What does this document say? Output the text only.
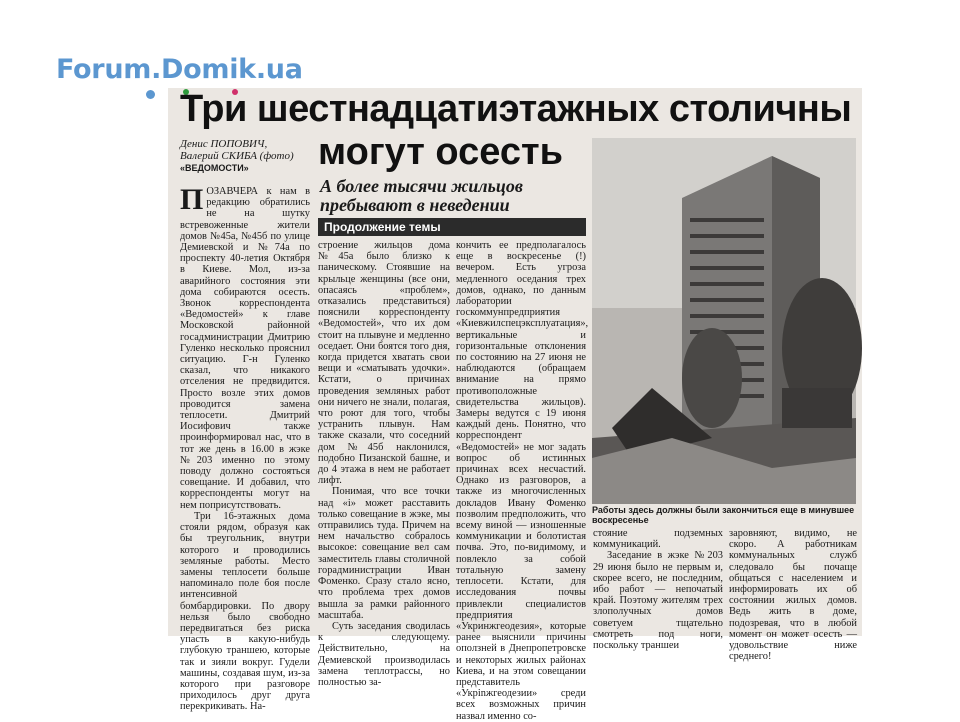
Forum.Domik.ua
Три шестнадцатиэтажных столичны
могут осесть
Денис ПОПОВИЧ,
Валерий СКИБА (фото)
«ВЕДОМОСТИ»
А более тысячи жильцов пребывают в неведении
Продолжение темы

ПОЗАВЧЕРА к нам в редакцию обратились не на шутку встревоженные жители домов №45а, №45б по улице Демиевской и №74а по проспекту 40-летия Октября в Киеве. Мол, из-за аварийного состояния эти дома собираются осесть. Звонок корреспондента «Ведомостей» к главе Московской районной госадминистрации Дмитрию Гуленко несколько прояснил ситуацию. Г-н Гуленко сказал, что никакого отселения не предвидится. Просто возле этих домов проводится замена теплосети. Дмитрий Иосифович также проинформировал нас, что в тот же день в 16.00 в жэке №203 именно по этому поводу должно состояться совещание. И добавил, что корреспонденты могут на нем поприсутствовать.

Три 16-этажных дома стояли рядом, образуя как бы треугольник, внутри которого и проводились земляные работы. Место замены теплосети больше напоминало поле боя после интенсивной бомбардировки. По двору нельзя было свободно передвигаться без риска упасть в какую-нибудь глубокую траншею, которые так и зияли вокруг. Гудели машины, создавая шум, из-за которого при разговоре приходилось друг друга перекрикивать. На-

строение жильцов дома №45а было близко к паническому. Стоявшие на крыльце женщины (все они, опасаясь «проблем», отказались представиться) пояснили корреспонденту «Ведомостей», что их дом стоит на плывуне и медленно оседает. Они боятся того дня, когда придется хватать свои вещи и «сматывать удочки». Кстати, о причинах проведения земляных работ они ничего не знали, полагая, что роют для того, чтобы устранить плывун. Нам также сказали, что соседний дом №45б наклонился, подобно Пизанской башне, и до 4 этажа в нем не работает лифт.

Понимая, что все точки над «і» может расставить только совещание в жэке, мы отправились туда. Причем на нем начальство собралось высокое: совещание вел сам заместитель главы столичной горадминистрации Иван Фоменко. Сразу стало ясно, что проблема трех домов вышла за рамки районного масштаба.

Суть заседания сводилась к следующему. Действительно, на Демиевской производилась замена теплотрассы, но полностью за-

кончить ее предполагалось еще в воскресенье (!) вечером. Есть угроза медленного оседания трех домов, однако, по данным лаборатории госкоммунпредприятия «Киевжилспецэксплуатация», вертикальные и горизонтальные отклонения по состоянию на 27 июня не наблюдаются (обращаем внимание на прямо противоположные свидетельства жильцов). Замеры ведутся с 19 июня каждый день. Понятно, что корреспондент «Ведомостей» не мог задать вопрос об истинных причинах всех несчастий. Однако из разговоров, а также из многочисленных докладов Ивану Фоменко позволим предположить, что всему виной — изношенные коммуникации и болотистая почва. Это, по-видимому, и повлекло за собой тотальную замену теплосети. Кстати, для исследования почвы привлекли специалистов предприятия «Укринжгеодезия», которые ранее выяснили причины оползней в Днепропетровске и некоторых жилых районах Киева, и на этом совещании представитель «Укрinжгеодезии» среди всех возможных причин назвал именно со-

Работы здесь должны были закончиться еще в минувшее воскресенье

стояние подземных коммуникаций.

Заседание в жэке №203 29 июня было не первым и, скорее всего, не последним, ибо работ — непочатый край. Поэтому жителям трех злополучных домов советуем тщательно смотреть под ноги, поскольку траншеи

заровняют, видимо, не скоро. А работникам коммунальных служб следовало бы почаще общаться с населением и информировать их об состоянии жилых домов. Ведь жить в доме, подозревая, что в любой момент он может осесть — удовольствие ниже среднего!
